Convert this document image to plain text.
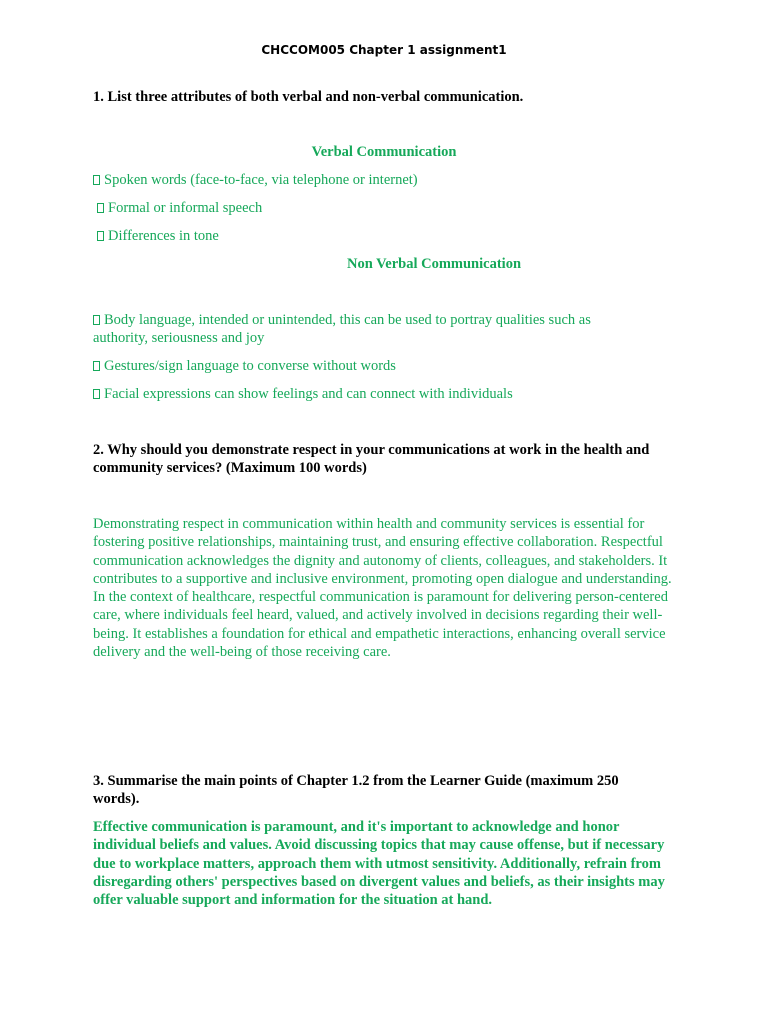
CHCCOM005 Chapter 1 assignment1

1. List three attributes of both verbal and non-verbal communication.

Verbal Communication

Spoken words (face-to-face, via telephone or internet)

Formal or informal speech

Differences in tone

Non Verbal Communication

Body language, intended or unintended, this can be used to portray qualities such as authority, seriousness and joy

Gestures/sign language to converse without words

Facial expressions can show feelings and can connect with individuals

2. Why should you demonstrate respect in your communications at work in the health and community services? (Maximum 100 words)

Demonstrating respect in communication within health and community services is essential for fostering positive relationships, maintaining trust, and ensuring effective collaboration. Respectful communication acknowledges the dignity and autonomy of clients, colleagues, and stakeholders. It contributes to a supportive and inclusive environment, promoting open dialogue and understanding. In the context of healthcare, respectful communication is paramount for delivering person-centered care, where individuals feel heard, valued, and actively involved in decisions regarding their well-being. It establishes a foundation for ethical and empathetic interactions, enhancing overall service delivery and the well-being of those receiving care.

3. Summarise the main points of Chapter 1.2 from the Learner Guide (maximum 250 words).

Effective communication is paramount, and it's important to acknowledge and honor individual beliefs and values. Avoid discussing topics that may cause offense, but if necessary due to workplace matters, approach them with utmost sensitivity. Additionally, refrain from disregarding others' perspectives based on divergent values and beliefs, as their insights may offer valuable support and information for the situation at hand.
